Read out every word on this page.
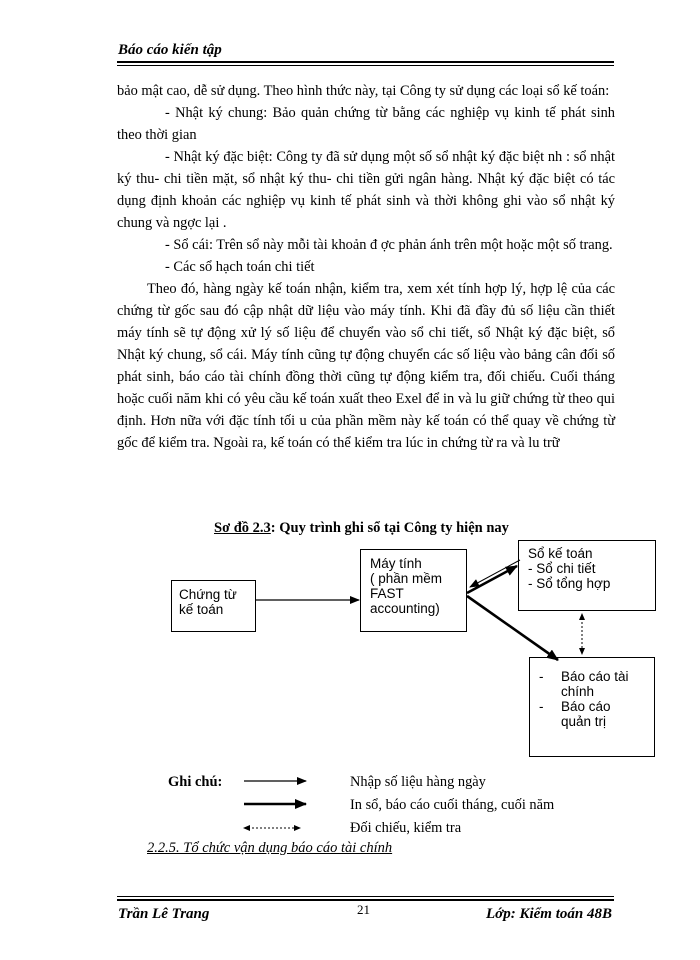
Báo cáo kiến tập

bảo mật cao, dễ sử dụng. Theo hình thức này, tại Công ty sử dụng các loại sổ kế toán:

- Nhật ký chung: Bảo quản chứng từ bằng các nghiệp vụ kinh tế phát sinh theo thời gian

- Nhật ký đặc biệt: Công ty đã sử dụng một số sổ nhật ký đặc biệt nh : sổ nhật ký thu- chi tiền mặt, sổ nhật ký thu- chi tiền gửi ngân hàng. Nhật ký đặc biệt có tác dụng định khoản các nghiệp vụ kinh tế phát sinh và thời không ghi vào sổ nhật ký chung và ngợc lại .

- Sổ cái: Trên sổ này mỗi tài khoản đ ợc phản ánh trên một hoặc một số trang.

- Các sổ hạch toán chi tiết

Theo đó, hàng ngày kế toán nhận, kiểm tra, xem xét tính hợp lý, hợp lệ của các chứng từ gốc sau đó cập nhật dữ liệu vào máy tính. Khi đã đầy đủ số liệu cần thiết máy tính sẽ tự động xử lý số liệu để chuyển vào sổ chi tiết, sổ Nhật ký đặc biệt, sổ Nhật ký chung, sổ cái. Máy tính cũng tự động chuyển các số liệu vào bảng cân đối số phát sinh, báo cáo tài chính đồng thời cũng tự động kiểm tra, đối chiếu. Cuối tháng hoặc cuối năm khi có yêu cầu kế toán xuất theo Exel để in và lu giữ chứng từ theo qui định. Hơn nữa với đặc tính tối u của phần mềm này kế toán có thể quay về chứng từ gốc để kiểm tra. Ngoài ra, kế toán có thể kiểm tra lúc in chứng từ ra và lu trữ

Sơ đồ 2.3: Quy trình ghi sổ tại Công ty hiện nay
Chứng từ
kế toán
Máy tính
( phần mềm
FAST
accounting)
Sổ kế toán
- Sổ chi tiết
- Sổ tổng hợp
- Báo cáo tài
chính
- Báo cáo
quản trị
Ghi chú:	Nhập số liệu hàng ngày
In sổ, báo cáo cuối tháng, cuối năm
Đối chiếu, kiểm tra
2.2.5. Tổ chức vận dụng báo cáo tài chính
Trần Lê Trang	21	Lớp: Kiểm toán 48B
